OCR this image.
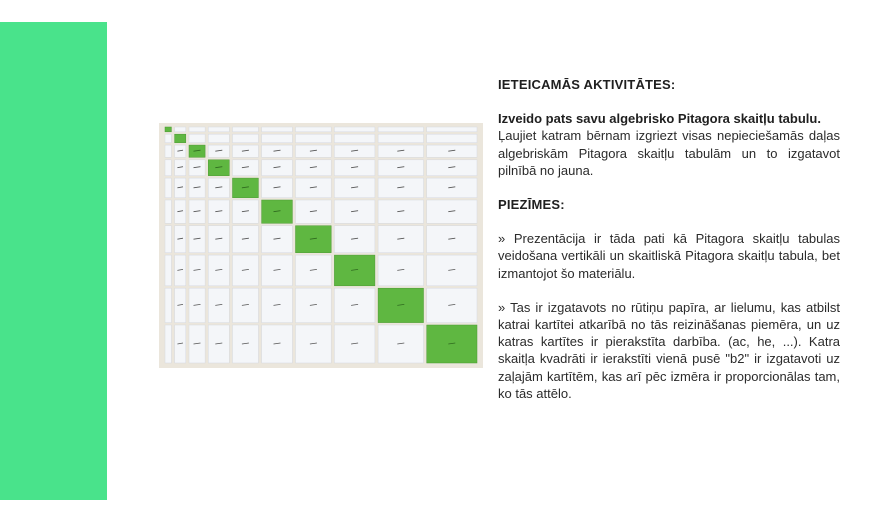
IETEICAMĀS AKTIVITĀTES:
Izveido pats savu algebrisko Pitagora skaitļu tabulu.
Ļaujiet katram bērnam izgriezt visas nepieciešamās daļas algebriskām Pitagora skaitļu tabulām un to izgatavot pilnībā no jauna.
PIEZĪMES:
» Prezentācija ir tāda pati kā Pitagora skaitļu tabulas veidošana vertikāli un skaitliskā Pitagora skaitļu tabula, bet izmantojot šo materiālu.
» Tas ir izgatavots no rūtiņu papīra, ar lielumu, kas atbilst katrai kartītei atkarībā no tās reizināšanas piemēra, un uz katras kartītes ir pierakstīta darbība. (ac, he, ...). Katra skaitļa kvadrāti ir ierakstīti vienā pusē "b2" ir izgatavoti uz zaļajām kartītēm, kas arī pēc izmēra ir proporcionālas tam, ko tās attēlo.
